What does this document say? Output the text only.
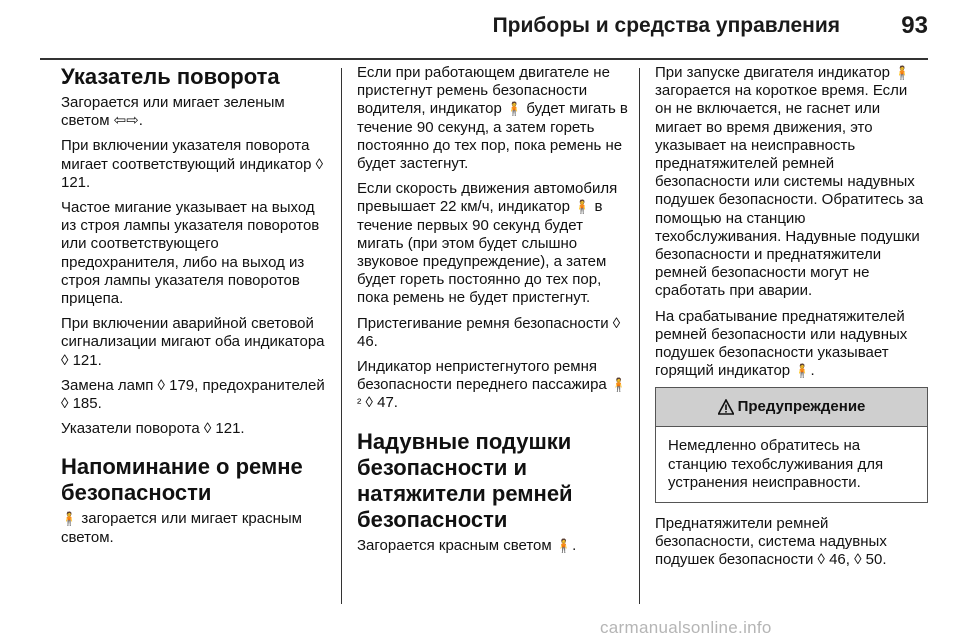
Приборы и средства управления	93
Указатель поворота

Загорается или мигает зеленым светом ⇦⇨.

При включении указателя поворота мигает соответствующий индикатор ◊ 121.

Частое мигание указывает на выход из строя лампы указателя поворотов или соответствующего предохранителя, либо на выход из строя лампы указателя поворотов прицепа.

При включении аварийной световой сигнализации мигают оба индикатора ◊ 121.

Замена ламп ◊ 179, предохранителей ◊ 185.

Указатели поворота ◊ 121.

Напоминание о ремне безопасности

🧍 загорается или мигает красным светом.

Если при работающем двигателе не пристегнут ремень безопасности водителя, индикатор 🧍 будет мигать в течение 90 секунд, а затем гореть постоянно до тех пор, пока ремень не будет застегнут.

Если скорость движения автомобиля превышает 22 км/ч, индикатор 🧍 в течение первых 90 секунд будет мигать (при этом будет слышно звуковое предупреждение), а затем будет гореть постоянно до тех пор, пока ремень не будет пристегнут.

Пристегивание ремня безопасности ◊ 46.

Индикатор непристегнутого ремня безопасности переднего пассажира 🧍² ◊ 47.

Надувные подушки безопасности и натяжители ремней безопасности

Загорается красным светом 🧍.

При запуске двигателя индикатор 🧍 загорается на короткое время. Если он не включается, не гаснет или мигает во время движения, это указывает на неисправность преднатяжителей ремней безопасности или системы надувных подушек безопасности. Обратитесь за помощью на станцию техобслуживания. Надувные подушки безопасности и преднатяжители ремней безопасности могут не сработать при аварии.

На срабатывание преднатяжителей ремней безопасности или надувных подушек безопасности указывает горящий индикатор 🧍.

Предупреждение
Немедленно обратитесь на станцию техобслуживания для устранения неисправности.

Преднатяжители ремней безопасности, система надувных подушек безопасности ◊ 46, ◊ 50.

carmanualsonline.info
